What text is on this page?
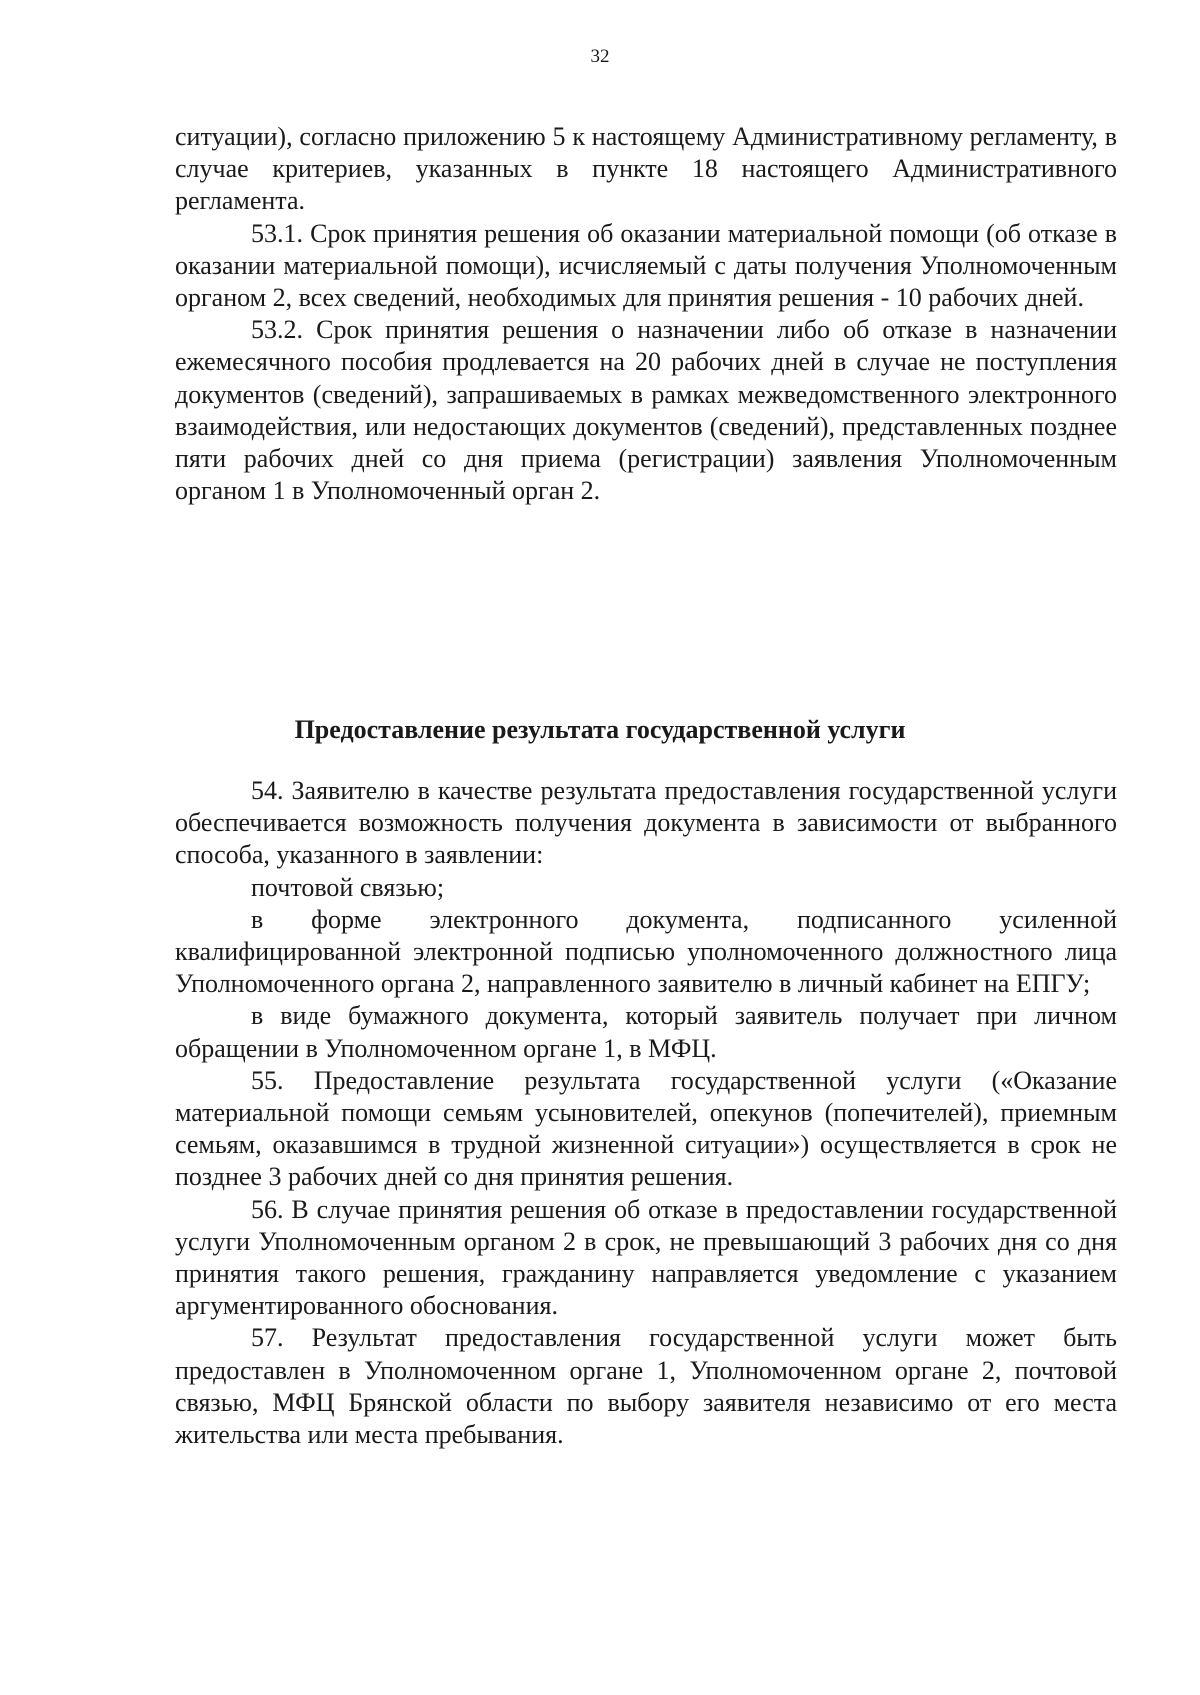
32

ситуации), согласно приложению 5 к настоящему Административному регламенту, в случае критериев, указанных в пункте 18 настоящего Административного регламента.

53.1. Срок принятия решения об оказании материальной помощи (об отказе в оказании материальной помощи), исчисляемый с даты получения Уполномоченным органом 2, всех сведений, необходимых для принятия решения - 10 рабочих дней.

53.2. Срок принятия решения о назначении либо об отказе в назначении ежемесячного пособия продлевается на 20 рабочих дней в случае не поступления документов (сведений), запрашиваемых в рамках межведомственного электронного взаимодействия, или недостающих документов (сведений), представленных позднее пяти рабочих дней со дня приема (регистрации) заявления Уполномоченным органом 1 в Уполномоченный орган 2.

Предоставление результата государственной услуги

54. Заявителю в качестве результата предоставления государственной услуги обеспечивается возможность получения документа в зависимости от выбранного способа, указанного в заявлении:

почтовой связью;

в форме электронного документа, подписанного усиленной квалифицированной электронной подписью уполномоченного должностного лица Уполномоченного органа 2, направленного заявителю в личный кабинет на ЕПГУ;

в виде бумажного документа, который заявитель получает при личном обращении в Уполномоченном органе 1, в МФЦ.

55. Предоставление результата государственной услуги («Оказание материальной помощи семьям усыновителей, опекунов (попечителей), приемным семьям, оказавшимся в трудной жизненной ситуации») осуществляется в срок не позднее 3 рабочих дней со дня принятия решения.

56. В случае принятия решения об отказе в предоставлении государственной услуги Уполномоченным органом 2 в срок, не превышающий 3 рабочих дня со дня принятия такого решения, гражданину направляется уведомление с указанием аргументированного обоснования.

57. Результат предоставления государственной услуги может быть предоставлен в Уполномоченном органе 1, Уполномоченном органе 2, почтовой связью, МФЦ Брянской области по выбору заявителя независимо от его места жительства или места пребывания.
